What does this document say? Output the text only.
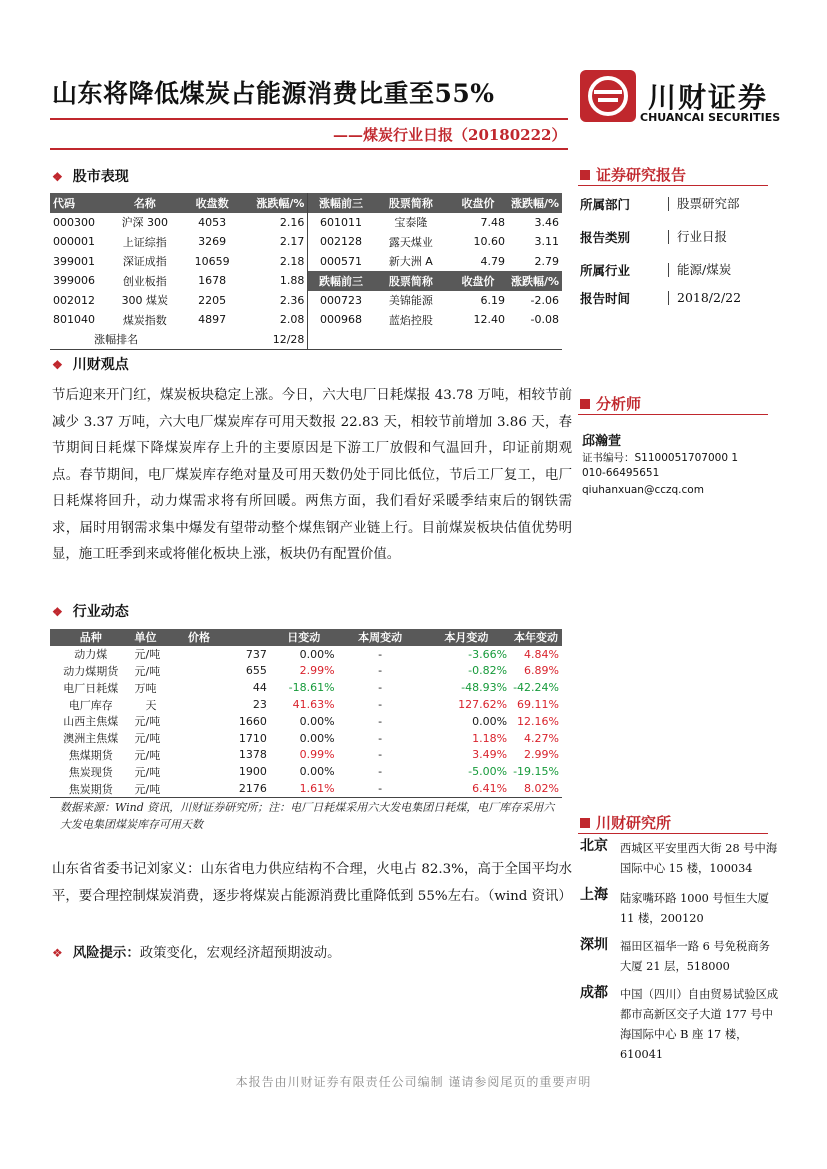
山东将降低煤炭占能源消费比重至55%	川财证券
CHUANCAI SECURITIES
——煤炭行业日报（20180222）
❖ 股市表现
代码	名称	收盘数	涨跌幅/%	涨幅前三	股票简称	收盘价	涨跌幅/%
000300	沪深 300	4053	2.16	601011	宝泰隆	7.48	3.46
000001	上证综指	3269	2.17	002128	露天煤业	10.60	3.11
399001	深证成指	10659	2.18	000571	新大洲 A	4.79	2.79
399006	创业板指	1678	1.88	跌幅前三	股票简称	收盘价	涨跌幅/%
002012	300 煤炭	2205	2.36	000723	美锦能源	6.19	-2.06
801040	煤炭指数	4897	2.08	000968	蓝焰控股	12.40	-0.08
涨幅排名		12/28					
❖ 川财观点
节后迎来开门红，煤炭板块稳定上涨。今日，六大电厂日耗煤报 43.78 万吨，相较节前减少 3.37 万吨，六大电厂煤炭库存可用天数报 22.83 天，相较节前增加 3.86 天，春节期间日耗煤下降煤炭库存上升的主要原因是下游工厂放假和气温回升，印证前期观点。春节期间，电厂煤炭库存绝对量及可用天数仍处于同比低位，节后工厂复工，电厂日耗煤将回升，动力煤需求将有所回暖。两焦方面，我们看好采暖季结束后的钢铁需求，届时用钢需求集中爆发有望带动整个煤焦钢产业链上行。目前煤炭板块估值优势明显，施工旺季到来或将催化板块上涨，板块仍有配置价值。
❖ 行业动态
品种	单位	价格	日变动	本周变动	本月变动	本年变动
动力煤	元/吨	737	0.00%	-	-3.66%	4.84%
动力煤期货	元/吨	655	2.99%	-	-0.82%	6.89%
电厂日耗煤	万吨	44	-18.61%	-	-48.93%	-42.24%
电厂库存	天	23	41.63%	-	127.62%	69.11%
山西主焦煤	元/吨	1660	0.00%	-	0.00%	12.16%
澳洲主焦煤	元/吨	1710	0.00%	-	1.18%	4.27%
焦煤期货	元/吨	1378	0.99%	-	3.49%	2.99%
焦炭现货	元/吨	1900	0.00%	-	-5.00%	-19.15%
焦炭期货	元/吨	2176	1.61%	-	6.41%	8.02%
数据来源：Wind 资讯，川财证券研究所；注：电厂日耗煤采用六大发电集团日耗煤，电厂库存采用六大发电集团煤炭库存可用天数
山东省省委书记刘家义：山东省电力供应结构不合理，火电占 82.3%，高于全国平均水平，要合理控制煤炭消费，逐步将煤炭占能源消费比重降低到 55%左右。（wind 资讯）
❖ 风险提示：政策变化，宏观经济超预期波动。
证券研究报告
所属部门	股票研究部
报告类别	行业日报
所属行业	能源/煤炭
报告时间	2018/2/22
分析师
邱瀚萱
证书编号：S1100051707000 1
010-66495651
qiuhanxuan@cczq.com
川财研究所
北京 西城区平安里西大街 28 号中海国际中心 15 楼，100034
上海 陆家嘴环路 1000 号恒生大厦 11 楼，200120
深圳 福田区福华一路 6 号免税商务大厦 21 层，518000
成都 中国（四川）自由贸易试验区成都市高新区交子大道 177 号中海国际中心 B 座 17 楼，610041
本报告由川财证券有限责任公司编制 谨请参阅尾页的重要声明
